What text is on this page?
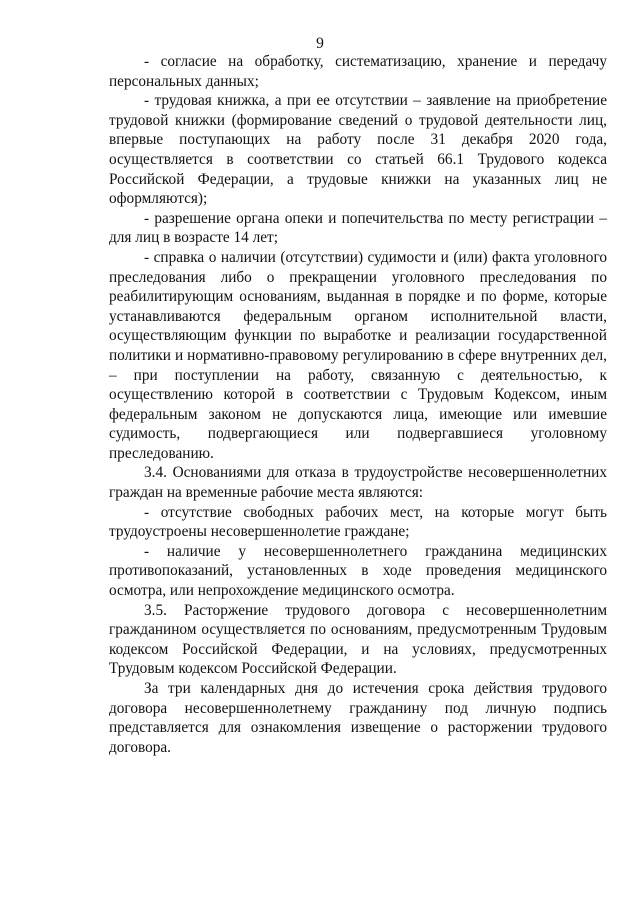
9

- согласие на обработку, систематизацию, хранение и передачу персональных данных;

- трудовая книжка, а при ее отсутствии – заявление на приобретение трудовой книжки (формирование сведений о трудовой деятельности лиц, впервые поступающих на работу после 31 декабря 2020 года, осуществляется в соответствии со статьей 66.1 Трудового кодекса Российской Федерации, а трудовые книжки на указанных лиц не оформляются);

- разрешение органа опеки и попечительства по месту регистрации – для лиц в возрасте 14 лет;

- справка о наличии (отсутствии) судимости и (или) факта уголовного преследования либо о прекращении уголовного преследования по реабилитирующим основаниям, выданная в порядке и по форме, которые устанавливаются федеральным органом исполнительной власти, осуществляющим функции по выработке и реализации государственной политики и нормативно-правовому регулированию в сфере внутренних дел, – при поступлении на работу, связанную с деятельностью, к осуществлению которой в соответствии с Трудовым Кодексом, иным федеральным законом не допускаются лица, имеющие или имевшие судимость, подвергающиеся или подвергавшиеся уголовному преследованию.

3.4. Основаниями для отказа в трудоустройстве несовершеннолетних граждан на временные рабочие места являются:

- отсутствие свободных рабочих мест, на которые могут быть трудоустроены несовершеннолетие граждане;

- наличие у несовершеннолетнего гражданина медицинских противопоказаний, установленных в ходе проведения медицинского осмотра, или непрохождение медицинского осмотра.

3.5. Расторжение трудового договора с несовершеннолетним гражданином осуществляется по основаниям, предусмотренным Трудовым кодексом Российской Федерации, и на условиях, предусмотренных Трудовым кодексом Российской Федерации.

За три календарных дня до истечения срока действия трудового договора несовершеннолетнему гражданину под личную подпись представляется для ознакомления извещение о расторжении трудового договора.
